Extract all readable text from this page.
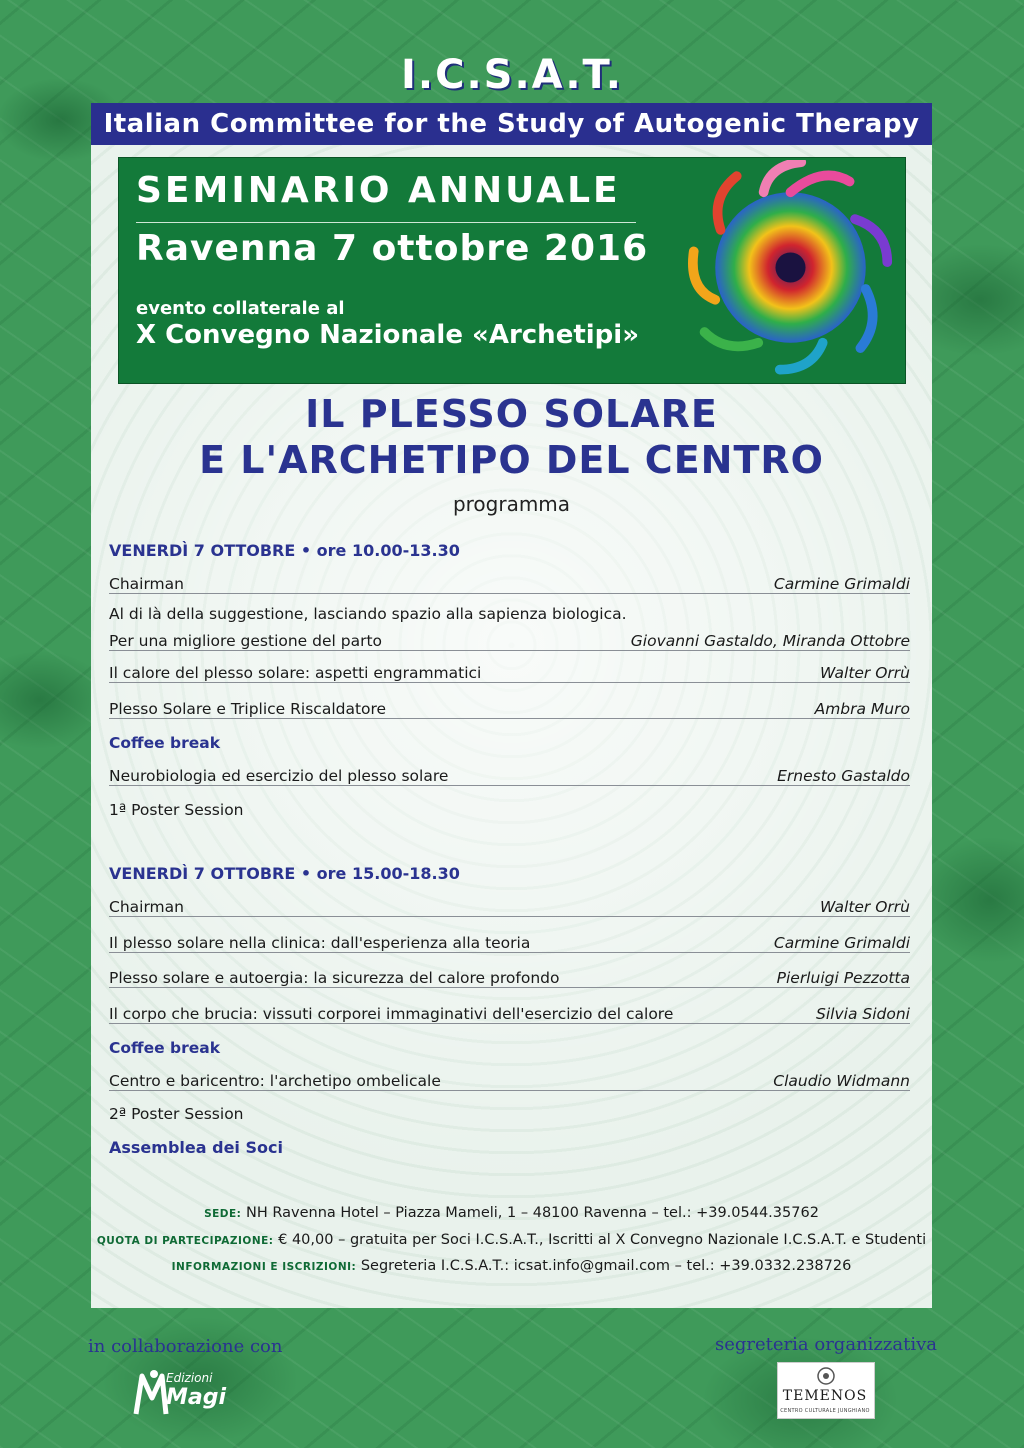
I.C.S.A.T.
Italian Committee for the Study of Autogenic Therapy
SEMINARIO ANNUALE
Ravenna 7 ottobre 2016
evento collaterale al
X Convegno Nazionale «Archetipi»
IL PLESSO SOLARE
E L'ARCHETIPO DEL CENTRO
programma
VENERDÌ 7 OTTOBRE • ore 10.00-13.30
Chairman	Carmine Grimaldi
Al di là della suggestione, lasciando spazio alla sapienza biologica.
Per una migliore gestione del parto	Giovanni Gastaldo, Miranda Ottobre
Il calore del plesso solare: aspetti engrammatici	Walter Orrù
Plesso Solare e Triplice Riscaldatore	Ambra Muro
Coffee break
Neurobiologia ed esercizio del plesso solare	Ernesto Gastaldo
1ª Poster Session
VENERDÌ 7 OTTOBRE • ore 15.00-18.30
Chairman	Walter Orrù
Il plesso solare nella clinica: dall'esperienza alla teoria	Carmine Grimaldi
Plesso solare e autoergia: la sicurezza del calore profondo	Pierluigi Pezzotta
Il corpo che brucia: vissuti corporei immaginativi dell'esercizio del calore	Silvia Sidoni
Coffee break
Centro e baricentro: l'archetipo ombelicale	Claudio Widmann
2ª Poster Session
Assemblea dei Soci
SEDE: NH Ravenna Hotel – Piazza Mameli, 1 – 48100 Ravenna – tel.: +39.0544.35762
QUOTA DI PARTECIPAZIONE: € 40,00 – gratuita per Soci I.C.S.A.T., Iscritti al X Convegno Nazionale I.C.S.A.T. e Studenti
INFORMAZIONI E ISCRIZIONI: Segreteria I.C.S.A.T.: icsat.info@gmail.com – tel.: +39.0332.238726
in collaborazione con	segreteria organizzativa
Edizioni
Magi	TEMENOS
CENTRO CULTURALE JUNGHIANO
